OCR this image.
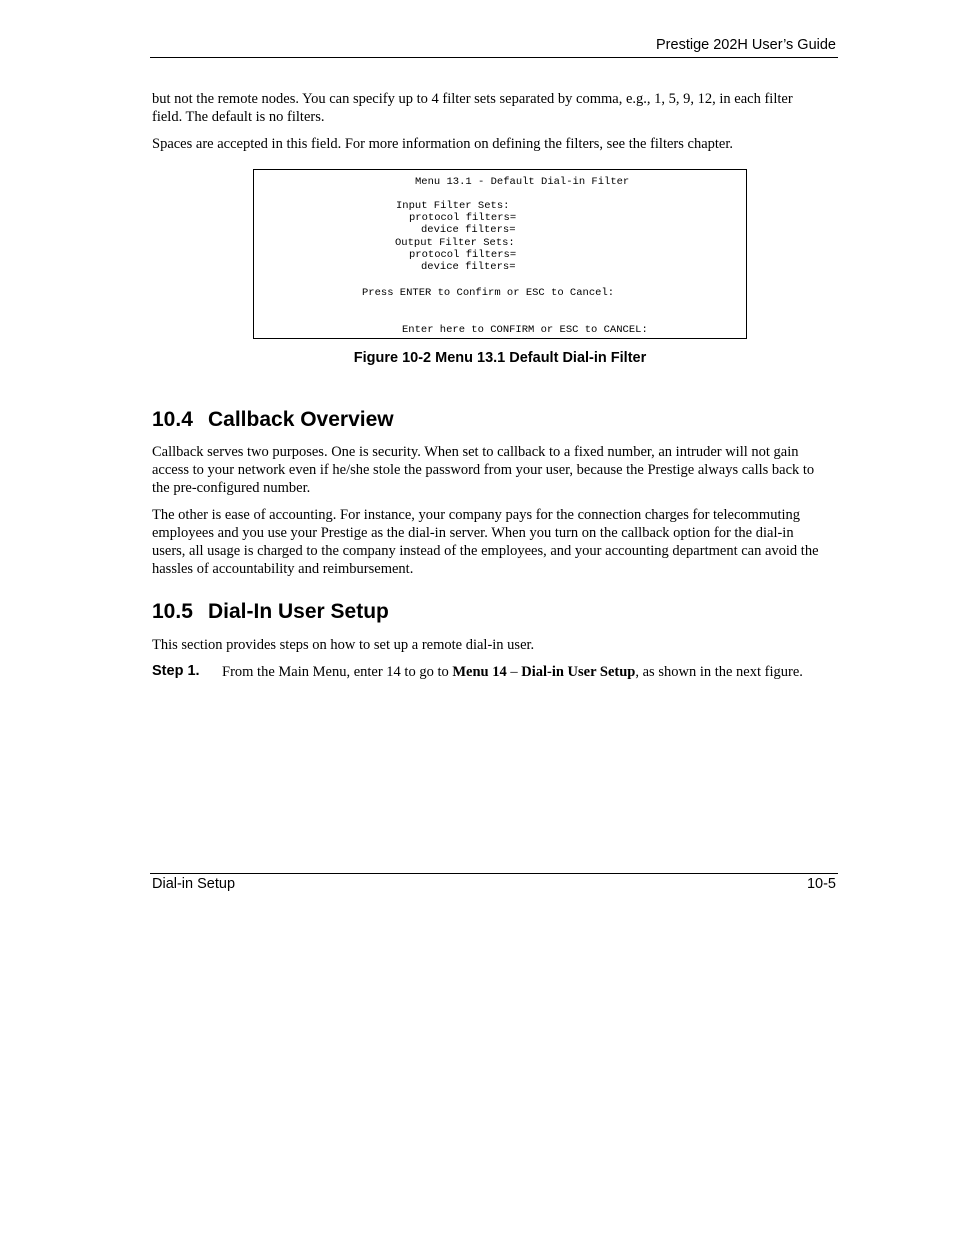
Prestige 202H User’s Guide

but not the remote nodes. You can specify up to 4 filter sets separated by comma, e.g., 1, 5, 9, 12, in each filter field. The default is no filters.

Spaces are accepted in this field. For more information on defining the filters, see the filters chapter.

Menu 13.1 - Default Dial-in Filter
Input Filter Sets:
protocol filters=
device filters=
Output Filter Sets:
protocol filters=
device filters=
Press ENTER to Confirm or ESC to Cancel:
Enter here to CONFIRM or ESC to CANCEL:
Figure 10-2 Menu 13.1 Default Dial-in Filter
10.4 Callback Overview

Callback serves two purposes. One is security. When set to callback to a fixed number, an intruder will not gain access to your network even if he/she stole the password from your user, because the Prestige always calls back to the pre-configured number.

The other is ease of accounting. For instance, your company pays for the connection charges for telecommuting employees and you use your Prestige as the dial-in server. When you turn on the callback option for the dial-in users, all usage is charged to the company instead of the employees, and your accounting department can avoid the hassles of accountability and reimbursement.

10.5 Dial-In User Setup

This section provides steps on how to set up a remote dial-in user.

Step 1. From the Main Menu, enter 14 to go to Menu 14 – Dial-in User Setup, as shown in the next figure.
Dial-in Setup	10-5
